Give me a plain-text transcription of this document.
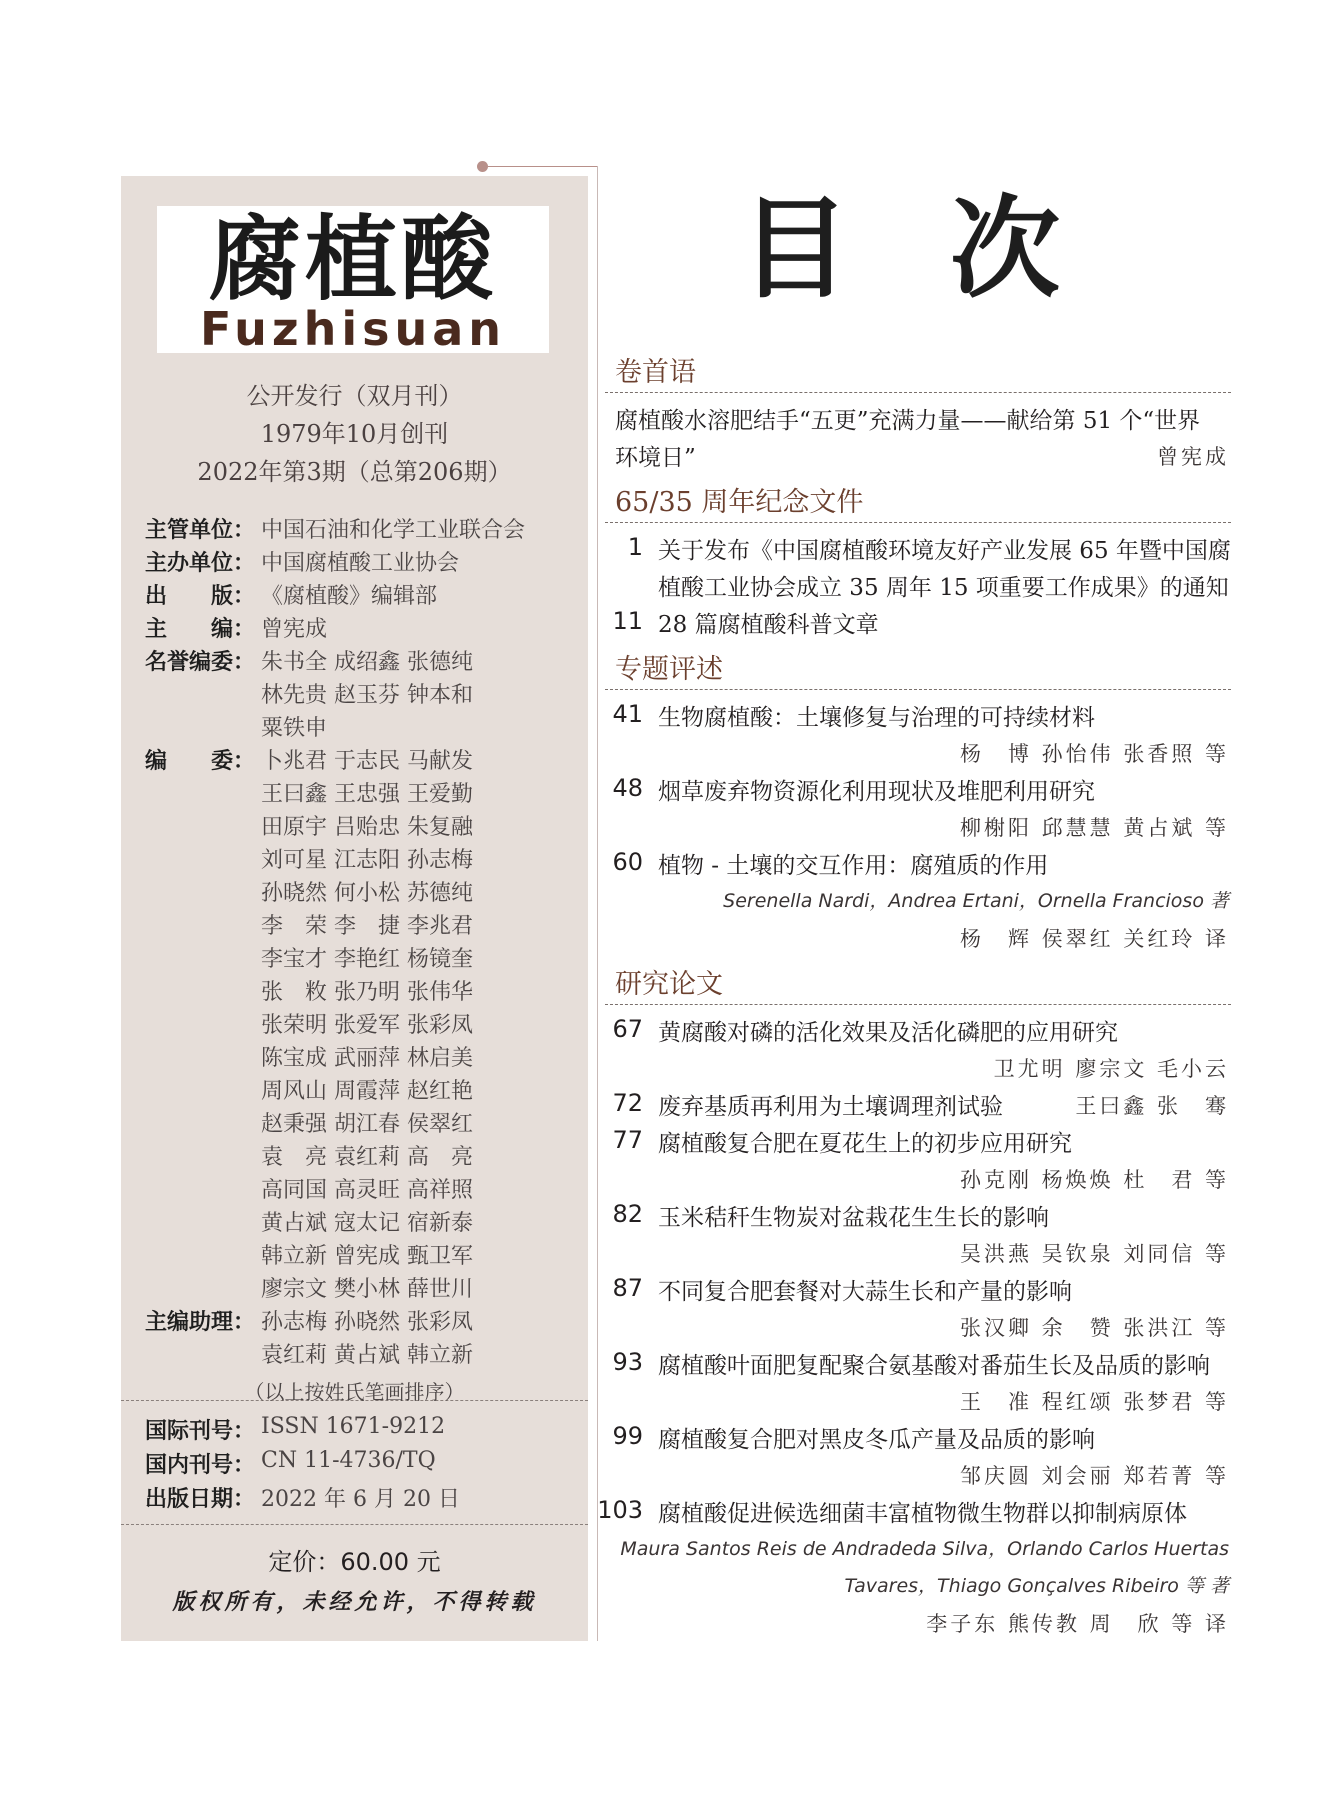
腐植酸
Fuzhisuan
公开发行（双月刊）
1979年10月创刊
2022年第3期（总第206期）
主管单位： 中国石油和化学工业联合会
主办单位： 中国腐植酸工业协会
出　　版： 《腐植酸》编辑部
主　　编： 曾宪成
名誉编委： 朱书全 成绍鑫 张德纯
林先贵 赵玉芬 钟本和
粟铁申
编　　委： 卜兆君 于志民 马献发
王曰鑫 王忠强 王爱勤
田原宇 吕贻忠 朱复融
刘可星 江志阳 孙志梅
孙晓然 何小松 苏德纯
李　荣 李　捷 李兆君
李宝才 李艳红 杨镜奎
张　敉 张乃明 张伟华
张荣明 张爱军 张彩凤
陈宝成 武丽萍 林启美
周风山 周霞萍 赵红艳
赵秉强 胡江春 侯翠红
袁　亮 袁红莉 高　亮
高同国 高灵旺 高祥照
黄占斌 寇太记 宿新泰
韩立新 曾宪成 甄卫军
廖宗文 樊小林 薛世川
主编助理： 孙志梅 孙晓然 张彩凤
袁红莉 黄占斌 韩立新
国际刊号： ISSN 1671-9212
国内刊号： CN 11-4736/TQ
出版日期： 2022 年 6 月 20 日
定价：60.00 元
版权所有，未经允许，不得转载
（以上按姓氏笔画排序）
目次
卷首语
腐植酸水溶肥结手“五更”充满力量——献给第 51 个“世界
环境日”	曾宪成
65/35 周年纪念文件
1 关于发布《中国腐植酸环境友好产业发展 65 年暨中国腐
植酸工业协会成立 35 周年 15 项重要工作成果》的通知
11 28 篇腐植酸科普文章
专题评述
41 生物腐植酸：土壤修复与治理的可持续材料
杨　博 孙怡伟 张香照 等
48 烟草废弃物资源化利用现状及堆肥利用研究
柳榭阳 邱慧慧 黄占斌 等
60 植物 - 土壤的交互作用：腐殖质的作用
Serenella Nardi，Andrea Ertani，Ornella Francioso 著
杨　辉 侯翠红 关红玲 译
研究论文
67 黄腐酸对磷的活化效果及活化磷肥的应用研究
卫尤明 廖宗文 毛小云
72 废弃基质再利用为土壤调理剂试验	王曰鑫 张　骞
77 腐植酸复合肥在夏花生上的初步应用研究
孙克刚 杨焕焕 杜　君 等
82 玉米秸秆生物炭对盆栽花生生长的影响
吴洪燕 吴钦泉 刘同信 等
87 不同复合肥套餐对大蒜生长和产量的影响
张汉卿 余　赞 张洪江 等
93 腐植酸叶面肥复配聚合氨基酸对番茄生长及品质的影响
王　准 程红颂 张梦君 等
99 腐植酸复合肥对黑皮冬瓜产量及品质的影响
邹庆圆 刘会丽 郑若菁 等
103 腐植酸促进候选细菌丰富植物微生物群以抑制病原体
Maura Santos Reis de Andradeda Silva，Orlando Carlos Huertas
Tavares，Thiago Gonçalves Ribeiro 等 著
李子东 熊传教 周　欣 等 译
